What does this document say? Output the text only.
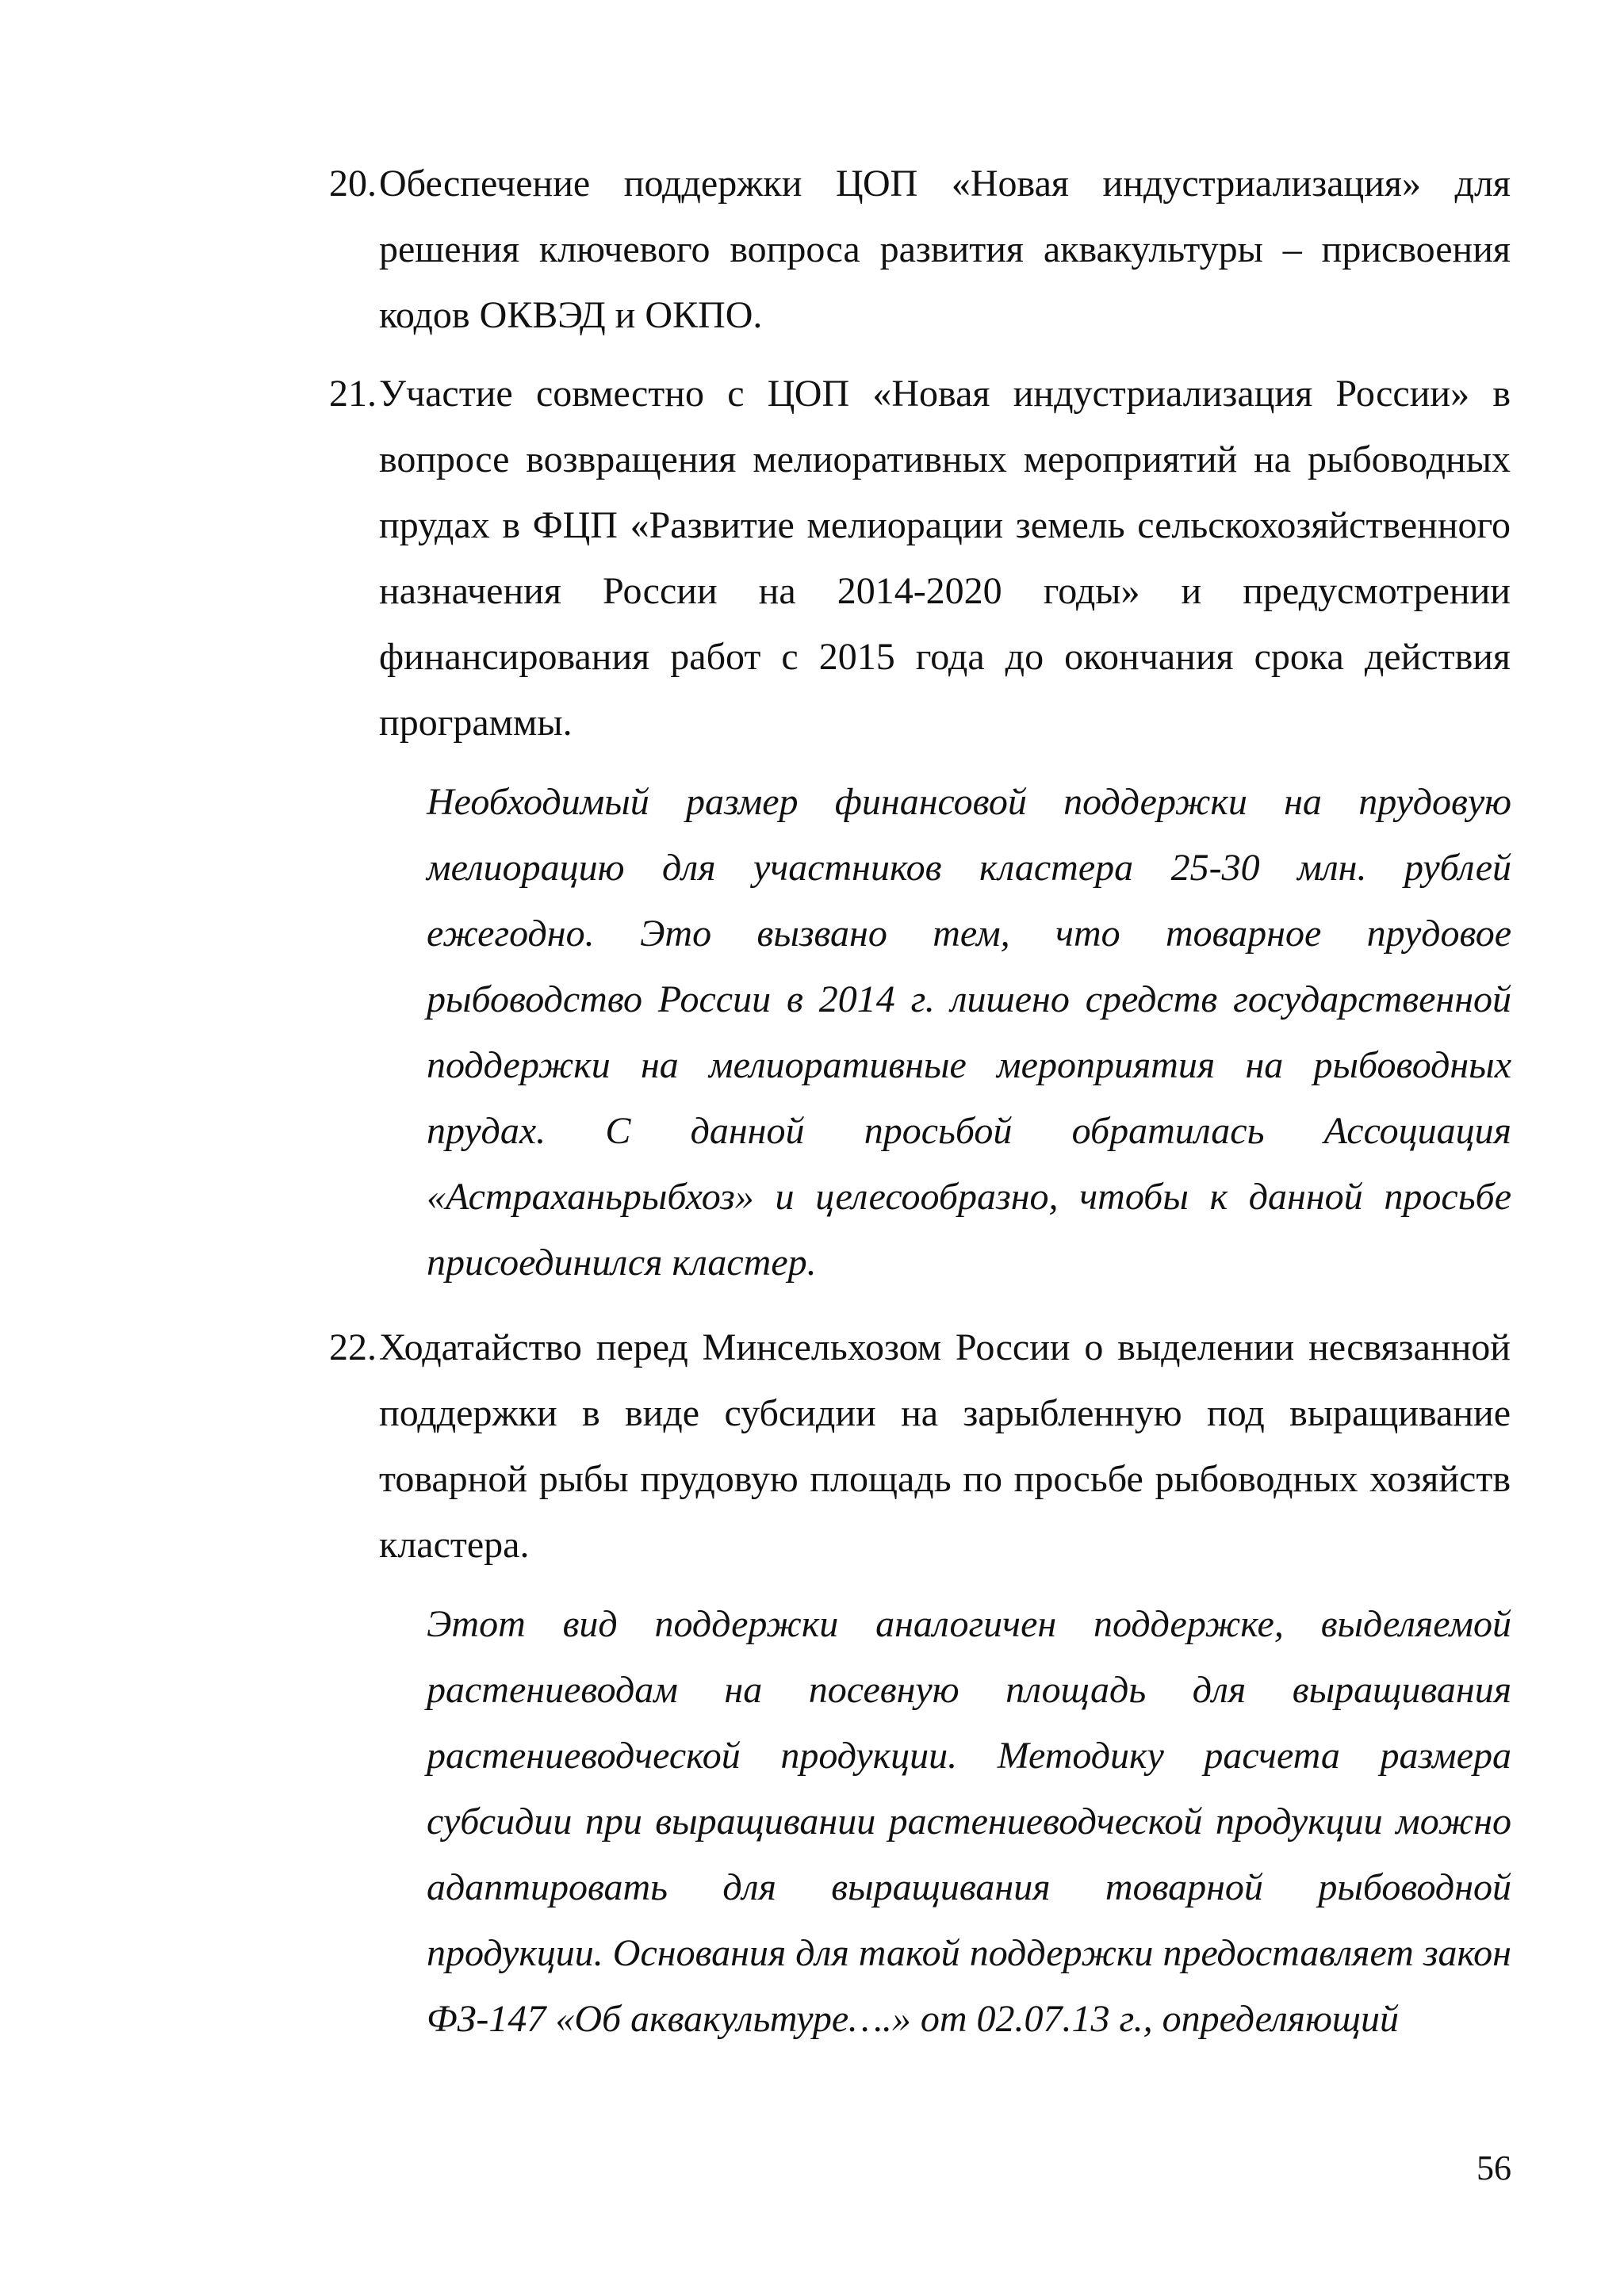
20. Обеспечение поддержки ЦОП «Новая индустриализация» для решения ключевого вопроса развития аквакультуры – присвоения кодов ОКВЭД и ОКПО.
21. Участие совместно с ЦОП «Новая индустриализация России» в вопросе возвращения мелиоративных мероприятий на рыбоводных прудах в ФЦП «Развитие мелиорации земель сельскохозяйственного назначения России на 2014-2020 годы» и предусмотрении финансирования работ с 2015 года до окончания срока действия программы.
Необходимый размер финансовой поддержки на прудовую мелиорацию для участников кластера 25-30 млн. рублей ежегодно. Это вызвано тем, что товарное прудовое рыбоводство России в 2014 г. лишено средств государственной поддержки на мелиоративные мероприятия на рыбоводных прудах. С данной просьбой обратилась Ассоциация «Астраханьрыбхоз» и целесообразно, чтобы к данной просьбе присоединился кластер.
22. Ходатайство перед Минсельхозом России о выделении несвязанной поддержки в виде субсидии на зарыбленную под выращивание товарной рыбы прудовую площадь по просьбе рыбоводных хозяйств кластера.
Этот вид поддержки аналогичен поддержке, выделяемой растениеводам на посевную площадь для выращивания растениеводческой продукции. Методику расчета размера субсидии при выращивании растениеводческой продукции можно адаптировать для выращивания товарной рыбоводной продукции. Основания для такой поддержки предоставляет закон ФЗ-147 «Об аквакультуре….» от 02.07.13 г., определяющий
56
